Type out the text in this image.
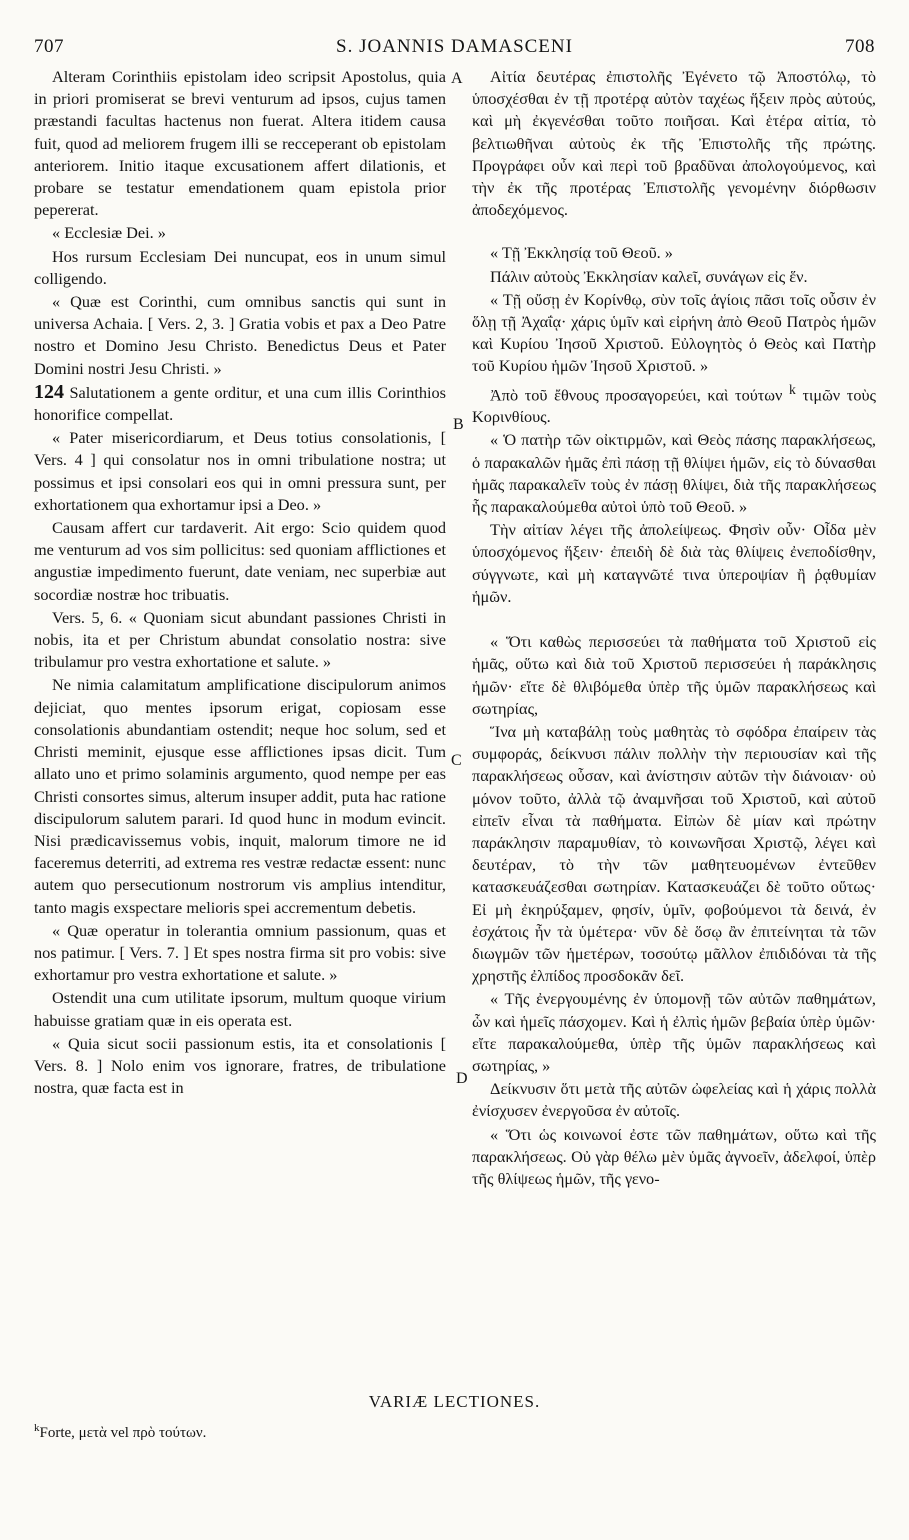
707	S. JOANNIS DAMASCENI	708
A
B
C
D

Alteram Corinthiis epistolam ideo scripsit Apostolus, quia in priori promiserat se brevi venturum ad ipsos, cujus tamen præstandi facultas hactenus non fuerat. Altera itidem causa fuit, quod ad meliorem frugem illi se recceperant ob epistolam anteriorem. Initio itaque excusationem affert dilationis, et probare se testatur emendationem quam epistola prior pepererat.

« Ecclesiæ Dei. »

Hos rursum Ecclesiam Dei nuncupat, eos in unum simul colligendo.

« Quæ est Corinthi, cum omnibus sanctis qui sunt in universa Achaia. [ Vers. 2, 3. ] Gratia vobis et pax a Deo Patre nostro et Domino Jesu Christo. Benedictus Deus et Pater Domini nostri Jesu Christi. »

124 Salutationem a gente orditur, et una cum illis Corinthios honorifice compellat.

« Pater misericordiarum, et Deus totius consolationis, [ Vers. 4 ] qui consolatur nos in omni tribulatione nostra; ut possimus et ipsi consolari eos qui in omni pressura sunt, per exhortationem qua exhortamur ipsi a Deo. »

Causam affert cur tardaverit. Ait ergo: Scio quidem quod me venturum ad vos sim pollicitus: sed quoniam afflictiones et angustiæ impedimento fuerunt, date veniam, nec superbiæ aut socordiæ nostræ hoc tribuatis.

Vers. 5, 6. « Quoniam sicut abundant passiones Christi in nobis, ita et per Christum abundat consolatio nostra: sive tribulamur pro vestra exhortatione et salute. »

Ne nimia calamitatum amplificatione discipulorum animos dejiciat, quo mentes ipsorum erigat, copiosam esse consolationis abundantiam ostendit; neque hoc solum, sed et Christi meminit, ejusque esse afflictiones ipsas dicit. Tum allato uno et primo solaminis argumento, quod nempe per eas Christi consortes simus, alterum insuper addit, puta hac ratione discipulorum salutem parari. Id quod hunc in modum evincit. Nisi prædicavissemus vobis, inquit, malorum timore ne id faceremus deterriti, ad extrema res vestræ redactæ essent: nunc autem quo persecutionum nostrorum vis amplius intenditur, tanto magis exspectare melioris spei accrementum debetis.

« Quæ operatur in tolerantia omnium passionum, quas et nos patimur. [ Vers. 7. ] Et spes nostra firma sit pro vobis: sive exhortamur pro vestra exhortatione et salute. »

Ostendit una cum utilitate ipsorum, multum quoque virium habuisse gratiam quæ in eis operata est.

« Quia sicut socii passionum estis, ita et consolationis [ Vers. 8. ] Nolo enim vos ignorare, fratres, de tribulatione nostra, quæ facta est in

Αἰτία δευτέρας ἐπιστολῆς Ἐγένετο τῷ Ἀποστόλῳ, τὸ ὑποσχέσθαι ἐν τῇ προτέρᾳ αὐτὸν ταχέως ἥξειν πρὸς αὐτούς, καὶ μὴ ἐκγενέσθαι τοῦτο ποιῆσαι. Καὶ ἑτέρα αἰτία, τὸ βελτιωθῆναι αὐτοὺς ἐκ τῆς Ἐπιστολῆς τῆς πρώτης. Προγράφει οὖν καὶ περὶ τοῦ βραδῦναι ἀπολογούμενος, καὶ τὴν ἐκ τῆς προτέρας Ἐπιστολῆς γενομένην διόρθωσιν ἀποδεχόμενος.

« Τῇ Ἐκκλησίᾳ τοῦ Θεοῦ. »

Πάλιν αὐτοὺς Ἐκκλησίαν καλεῖ, συνάγων εἰς ἕν.

« Τῇ οὔσῃ ἐν Κορίνθῳ, σὺν τοῖς ἁγίοις πᾶσι τοῖς οὖσιν ἐν ὅλῃ τῇ Ἀχαΐᾳ· χάρις ὑμῖν καὶ εἰρήνη ἀπὸ Θεοῦ Πατρὸς ἡμῶν καὶ Κυρίου Ἰησοῦ Χριστοῦ. Εὐλογητὸς ὁ Θεὸς καὶ Πατὴρ τοῦ Κυρίου ἡμῶν Ἰησοῦ Χριστοῦ. »

Ἀπὸ τοῦ ἔθνους προσαγορεύει, καὶ τούτων $^k$ τιμῶν τοὺς Κορινθίους.

« Ὁ πατὴρ τῶν οἰκτιρμῶν, καὶ Θεὸς πάσης παρακλήσεως, ὁ παρακαλῶν ἡμᾶς ἐπὶ πάσῃ τῇ θλίψει ἡμῶν, εἰς τὸ δύνασθαι ἡμᾶς παρακαλεῖν τοὺς ἐν πάσῃ θλίψει, διὰ τῆς παρακλήσεως ἧς παρακαλούμεθα αὐτοὶ ὑπὸ τοῦ Θεοῦ. »

Τὴν αἰτίαν λέγει τῆς ἀπολείψεως. Φησὶν οὖν· Οἶδα μὲν ὑποσχόμενος ἥξειν· ἐπειδὴ δὲ διὰ τὰς θλίψεις ἐνεποδίσθην, σύγγνωτε, καὶ μὴ καταγνῶτέ τινα ὑπεροψίαν ἢ ῥᾳθυμίαν ἡμῶν.

« Ὅτι καθὼς περισσεύει τὰ παθήματα τοῦ Χριστοῦ εἰς ἡμᾶς, οὕτω καὶ διὰ τοῦ Χριστοῦ περισσεύει ἡ παράκλησις ἡμῶν· εἴτε δὲ θλιβόμεθα ὑπὲρ τῆς ὑμῶν παρακλήσεως καὶ σωτηρίας,

Ἵνα μὴ καταβάλῃ τοὺς μαθητὰς τὸ σφόδρα ἐπαίρειν τὰς συμφοράς, δείκνυσι πάλιν πολλὴν τὴν περιουσίαν καὶ τῆς παρακλήσεως οὖσαν, καὶ ἀνίστησιν αὐτῶν τὴν διάνοιαν· οὐ μόνον τοῦτο, ἀλλὰ τῷ ἀναμνῆσαι τοῦ Χριστοῦ, καὶ αὐτοῦ εἰπεῖν εἶναι τὰ παθήματα. Εἰπὼν δὲ μίαν καὶ πρώτην παράκλησιν παραμυθίαν, τὸ κοινωνῆσαι Χριστῷ, λέγει καὶ δευτέραν, τὸ τὴν τῶν μαθητευομένων ἐντεῦθεν κατασκευάζεσθαι σωτηρίαν. Κατασκευάζει δὲ τοῦτο οὕτως· Εἰ μὴ ἐκηρύξαμεν, φησίν, ὑμῖν, φοβούμενοι τὰ δεινά, ἐν ἐσχάτοις ἦν τὰ ὑμέτερα· νῦν δὲ ὅσῳ ἂν ἐπιτείνηται τὰ τῶν διωγμῶν τῶν ἡμετέρων, τοσούτῳ μᾶλλον ἐπιδιδόναι τὰ τῆς χρηστῆς ἐλπίδος προσδοκᾶν δεῖ.

« Τῆς ἐνεργουμένης ἐν ὑπομονῇ τῶν αὐτῶν παθημάτων, ὧν καὶ ἡμεῖς πάσχομεν. Καὶ ἡ ἐλπὶς ἡμῶν βεβαία ὑπὲρ ὑμῶν· εἴτε παρακαλούμεθα, ὑπὲρ τῆς ὑμῶν παρακλήσεως καὶ σωτηρίας, »

Δείκνυσιν ὅτι μετὰ τῆς αὐτῶν ὠφελείας καὶ ἡ χάρις πολλὰ ἐνίσχυσεν ἐνεργοῦσα ἐν αὐτοῖς.

« Ὅτι ὡς κοινωνοί ἐστε τῶν παθημάτων, οὕτω καὶ τῆς παρακλήσεως. Οὐ γὰρ θέλω μὲν ὑμᾶς ἀγνοεῖν, ἀδελφοί, ὑπὲρ τῆς θλίψεως ἡμῶν, τῆς γενο-

VARIÆ LECTIONES.
$^k$Forte, μετὰ vel πρὸ τούτων.
